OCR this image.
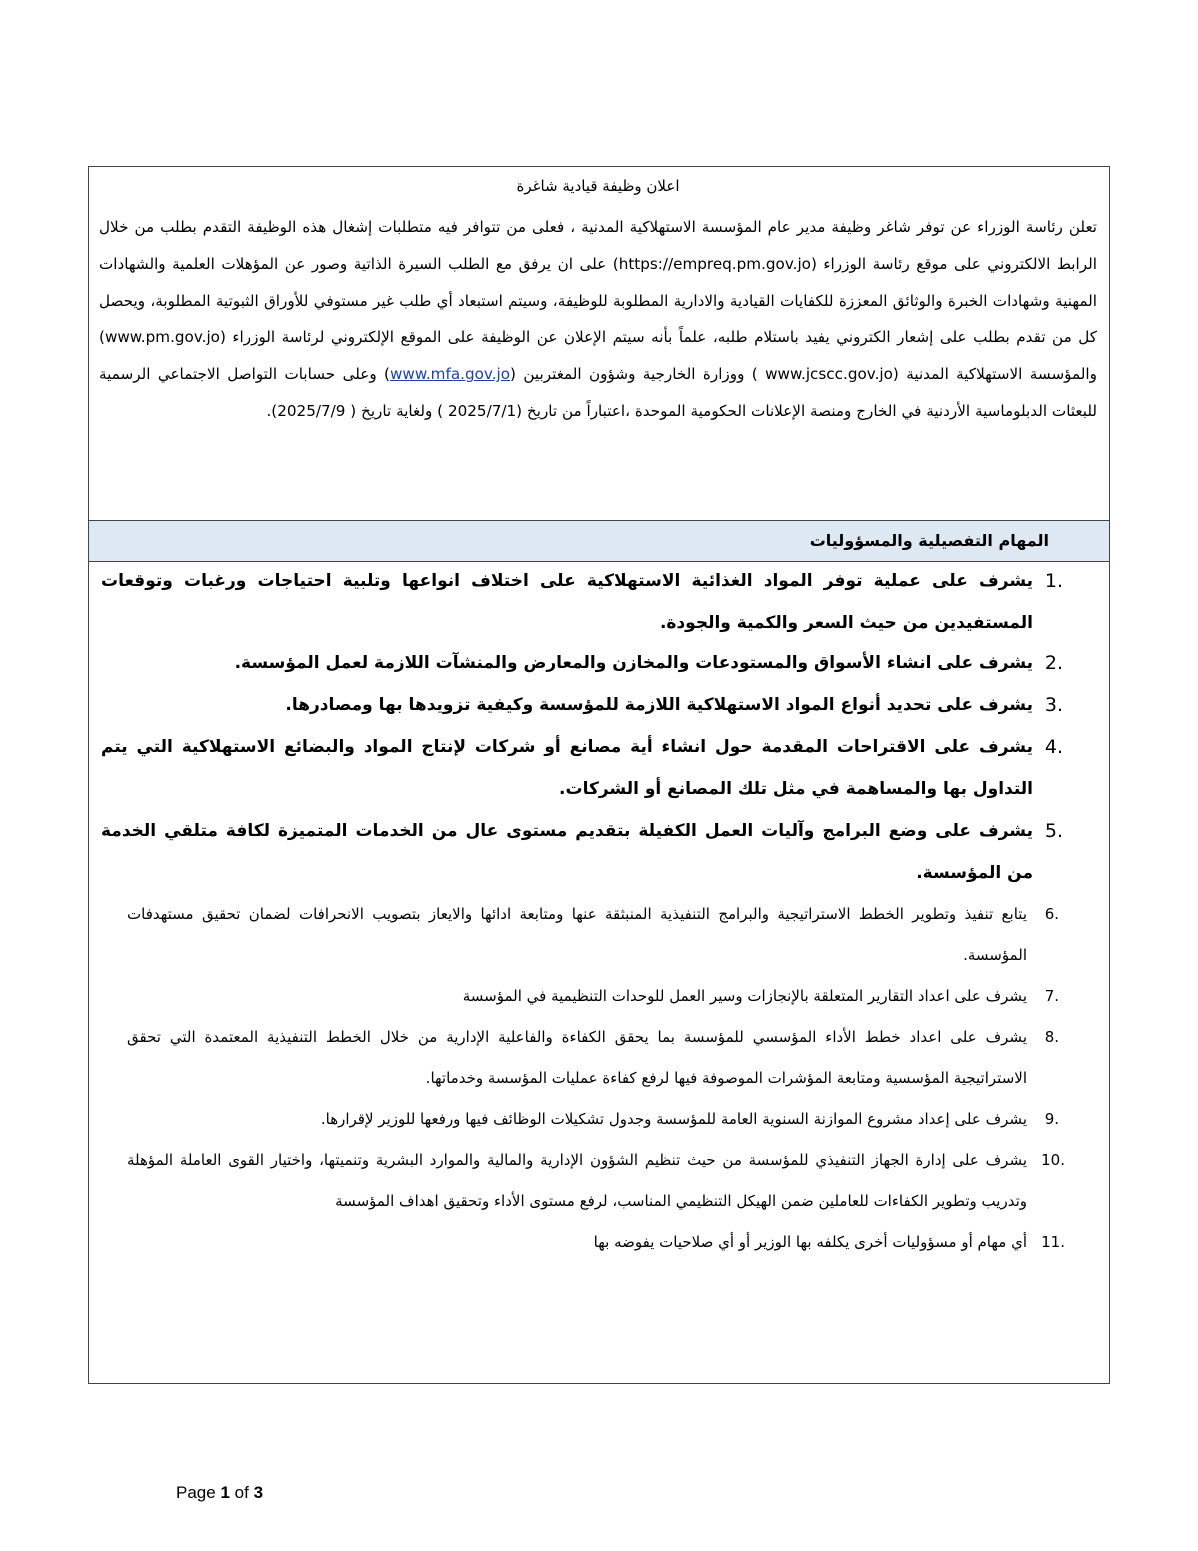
اعلان وظيفة قيادية شاغرة
تعلن رئاسة الوزراء عن توفر شاغر وظيفة مدير عام المؤسسة الاستهلاكية المدنية ، فعلى من تتوافر فيه متطلبات إشغال هذه الوظيفة التقدم بطلب من خلال الرابط الالكتروني على موقع رئاسة الوزراء (https://empreq.pm.gov.jo) على ان يرفق مع الطلب السيرة الذاتية وصور عن المؤهلات العلمية والشهادات المهنية وشهادات الخبرة والوثائق المعززة للكفايات القيادية والادارية المطلوبة للوظيفة، وسيتم استبعاد أي طلب غير مستوفي للأوراق الثبوتية المطلوبة، ويحصل كل من تقدم بطلب على إشعار الكتروني يفيد باستلام طلبه، علماً بأنه سيتم الإعلان عن الوظيفة على الموقع الإلكتروني لرئاسة الوزراء (www.pm.gov.jo) والمؤسسة الاستهلاكية المدنية (www.jcscc.gov.jo ) ووزارة الخارجية وشؤون المغتربين (www.mfa.gov.jo) وعلى حسابات التواصل الاجتماعي الرسمية للبعثات الدبلوماسية الأردنية في الخارج ومنصة الإعلانات الحكومية الموحدة ،اعتباراً من تاريخ (2025/7/1 ) ولغاية تاريخ ( 2025/7/9).
المهام التفصيلية والمسؤوليات
1.
يشرف على عملية توفر المواد الغذائية الاستهلاكية على اختلاف انواعها وتلبية احتياجات ورغبات وتوقعات المستفيدين من حيث السعر والكمية والجودة.
2.
يشرف على انشاء الأسواق والمستودعات والمخازن والمعارض والمنشآت اللازمة لعمل المؤسسة.
3.
يشرف على تحديد أنواع المواد الاستهلاكية اللازمة للمؤسسة وكيفية تزويدها بها ومصادرها.
4.
يشرف على الاقتراحات المقدمة حول انشاء أية مصانع أو شركات لإنتاج المواد والبضائع الاستهلاكية التي يتم التداول بها والمساهمة في مثل تلك المصانع أو الشركات.
5.
يشرف على وضع البرامج وآليات العمل الكفيلة بتقديم مستوى عال من الخدمات المتميزة لكافة متلقي الخدمة من المؤسسة.
6.
يتابع تنفيذ وتطوير الخطط الاستراتيجية والبرامج التنفيذية المنبثقة عنها ومتابعة ادائها والايعاز بتصويب الانحرافات لضمان تحقيق مستهدفات المؤسسة.
7.
يشرف على اعداد التقارير المتعلقة بالإنجازات وسير العمل للوحدات التنظيمية في المؤسسة
8.
يشرف على اعداد خطط الأداء المؤسسي للمؤسسة بما يحقق الكفاءة والفاعلية الإدارية من خلال الخطط التنفيذية المعتمدة التي تحقق الاستراتيجية المؤسسية ومتابعة المؤشرات الموصوفة فيها لرفع كفاءة عمليات المؤسسة وخدماتها.
9.
يشرف على إعداد مشروع الموازنة السنوية العامة للمؤسسة وجدول تشكيلات الوظائف فيها ورفعها للوزير لإقرارها.
10.
يشرف على إدارة الجهاز التنفيذي للمؤسسة من حيث تنظيم الشؤون الإدارية والمالية والموارد البشرية وتنميتها، واختيار القوى العاملة المؤهلة وتدريب وتطوير الكفاءات للعاملين ضمن الهيكل التنظيمي المناسب، لرفع مستوى الأداء وتحقيق اهداف المؤسسة
11.
أي مهام أو مسؤوليات أخرى يكلفه بها الوزير أو أي صلاحيات يفوضه بها
Page 1 of 3
